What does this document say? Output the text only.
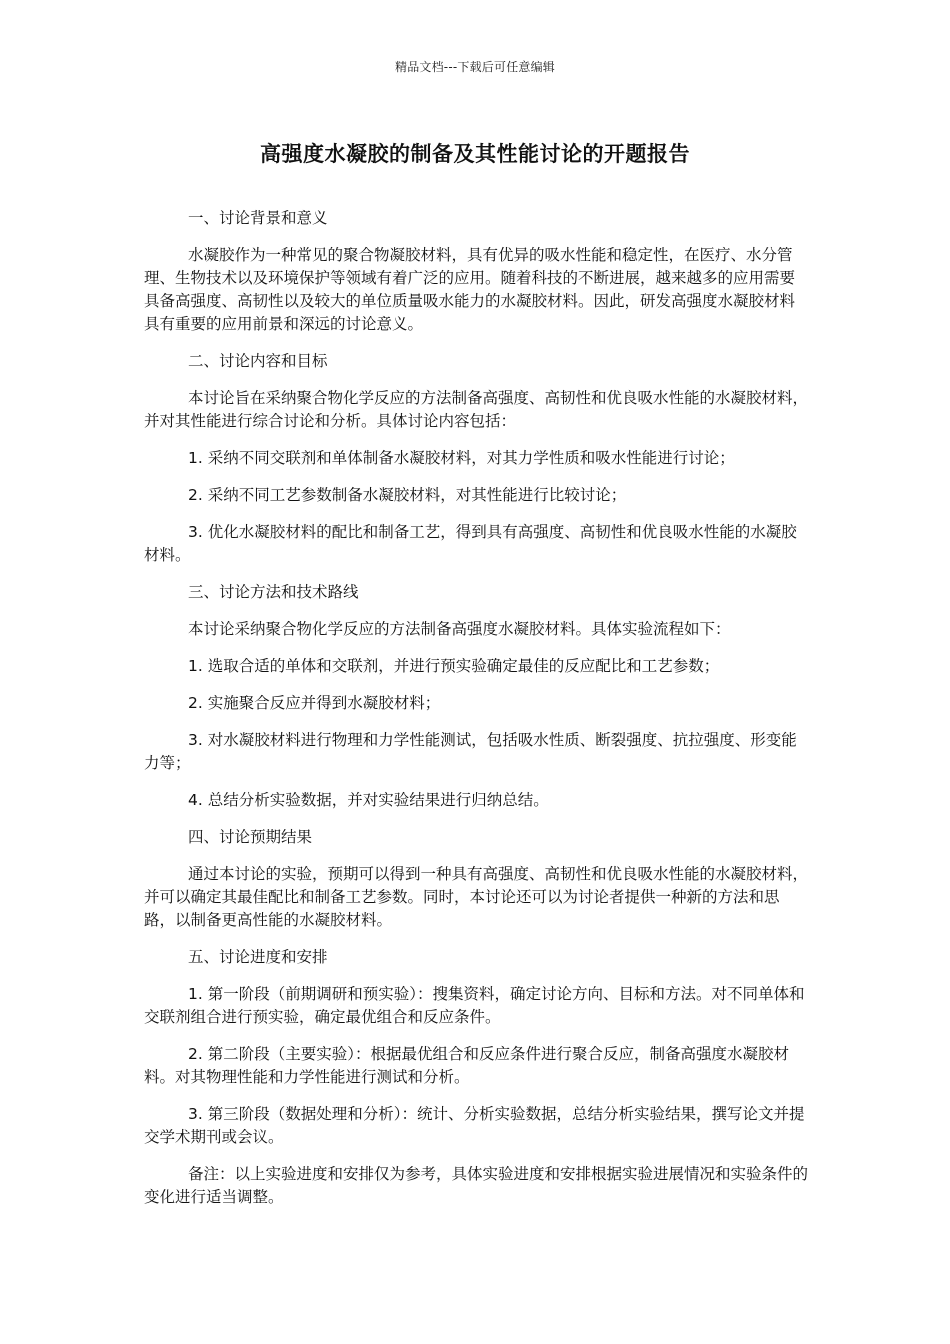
精品文档---下载后可任意编辑
高强度水凝胶的制备及其性能讨论的开题报告

一、讨论背景和意义

水凝胶作为一种常见的聚合物凝胶材料，具有优异的吸水性能和稳定性，在医疗、水分管理、生物技术以及环境保护等领域有着广泛的应用。随着科技的不断进展，越来越多的应用需要具备高强度、高韧性以及较大的单位质量吸水能力的水凝胶材料。因此，研发高强度水凝胶材料具有重要的应用前景和深远的讨论意义。

二、讨论内容和目标

本讨论旨在采纳聚合物化学反应的方法制备高强度、高韧性和优良吸水性能的水凝胶材料，并对其性能进行综合讨论和分析。具体讨论内容包括：

1. 采纳不同交联剂和单体制备水凝胶材料，对其力学性质和吸水性能进行讨论；

2. 采纳不同工艺参数制备水凝胶材料，对其性能进行比较讨论；

3. 优化水凝胶材料的配比和制备工艺，得到具有高强度、高韧性和优良吸水性能的水凝胶材料。

三、讨论方法和技术路线

本讨论采纳聚合物化学反应的方法制备高强度水凝胶材料。具体实验流程如下：

1. 选取合适的单体和交联剂，并进行预实验确定最佳的反应配比和工艺参数；

2. 实施聚合反应并得到水凝胶材料；

3. 对水凝胶材料进行物理和力学性能测试，包括吸水性质、断裂强度、抗拉强度、形变能力等；

4. 总结分析实验数据，并对实验结果进行归纳总结。

四、讨论预期结果

通过本讨论的实验，预期可以得到一种具有高强度、高韧性和优良吸水性能的水凝胶材料，并可以确定其最佳配比和制备工艺参数。同时，本讨论还可以为讨论者提供一种新的方法和思路，以制备更高性能的水凝胶材料。

五、讨论进度和安排

1. 第一阶段（前期调研和预实验）：搜集资料，确定讨论方向、目标和方法。对不同单体和交联剂组合进行预实验，确定最优组合和反应条件。

2. 第二阶段（主要实验）：根据最优组合和反应条件进行聚合反应，制备高强度水凝胶材料。对其物理性能和力学性能进行测试和分析。

3. 第三阶段（数据处理和分析）：统计、分析实验数据，总结分析实验结果，撰写论文并提交学术期刊或会议。

备注：以上实验进度和安排仅为参考，具体实验进度和安排根据实验进展情况和实验条件的变化进行适当调整。
